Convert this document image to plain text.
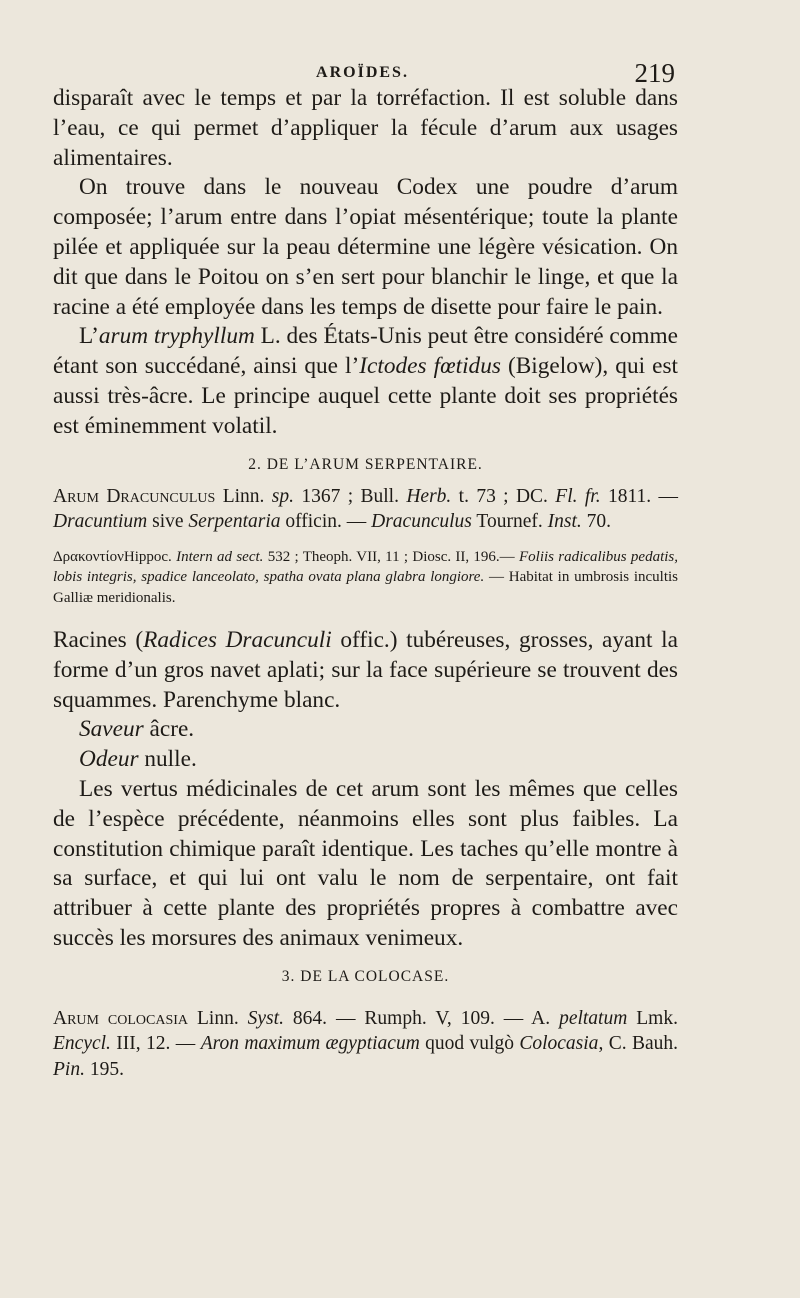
AROÏDES.	219

disparaît avec le temps et par la torréfaction. Il est soluble dans l’eau, ce qui permet d’appliquer la fécule d’arum aux usages alimentaires.

On trouve dans le nouveau Codex une poudre d’arum composée; l’arum entre dans l’opiat mésentérique; toute la plante pilée et appliquée sur la peau détermine une légère vésication. On dit que dans le Poitou on s’en sert pour blanchir le linge, et que la racine a été employée dans les temps de disette pour faire le pain.

L’arum tryphyllum L. des États-Unis peut être considéré comme étant son succédané, ainsi que l’Ictodes fœtidus (Bigelow), qui est aussi très-âcre. Le principe auquel cette plante doit ses propriétés est éminemment volatil.

2. DE L’ARUM SERPENTAIRE.

Arum Dracunculus Linn. sp. 1367 ; Bull. Herb. t. 73 ; DC. Fl. fr. 1811. — Dracuntium sive Serpentaria officin. — Dracunculus Tournef. Inst. 70.

ΔρακοντίονHippoc. Intern ad sect. 532 ; Theoph. VII, 11 ; Diosc. II, 196.— Foliis radicalibus pedatis, lobis integris, spadice lanceolato, spatha ovata plana glabra longiore. — Habitat in umbrosis incultis Galliæ meridionalis.

Racines (Radices Dracunculi offic.) tubéreuses, grosses, ayant la forme d’un gros navet aplati; sur la face supérieure se trouvent des squammes. Parenchyme blanc.

Saveur âcre.

Odeur nulle.

Les vertus médicinales de cet arum sont les mêmes que celles de l’espèce précédente, néanmoins elles sont plus faibles. La constitution chimique paraît identique. Les taches qu’elle montre à sa surface, et qui lui ont valu le nom de serpentaire, ont fait attribuer à cette plante des propriétés propres à combattre avec succès les morsures des animaux venimeux.

3. DE LA COLOCASE.

Arum colocasia Linn. Syst. 864. — Rumph. V, 109. — A. peltatum Lmk. Encycl. III, 12. — Aron maximum ægyptiacum quod vulgò Colocasia, C. Bauh. Pin. 195.
